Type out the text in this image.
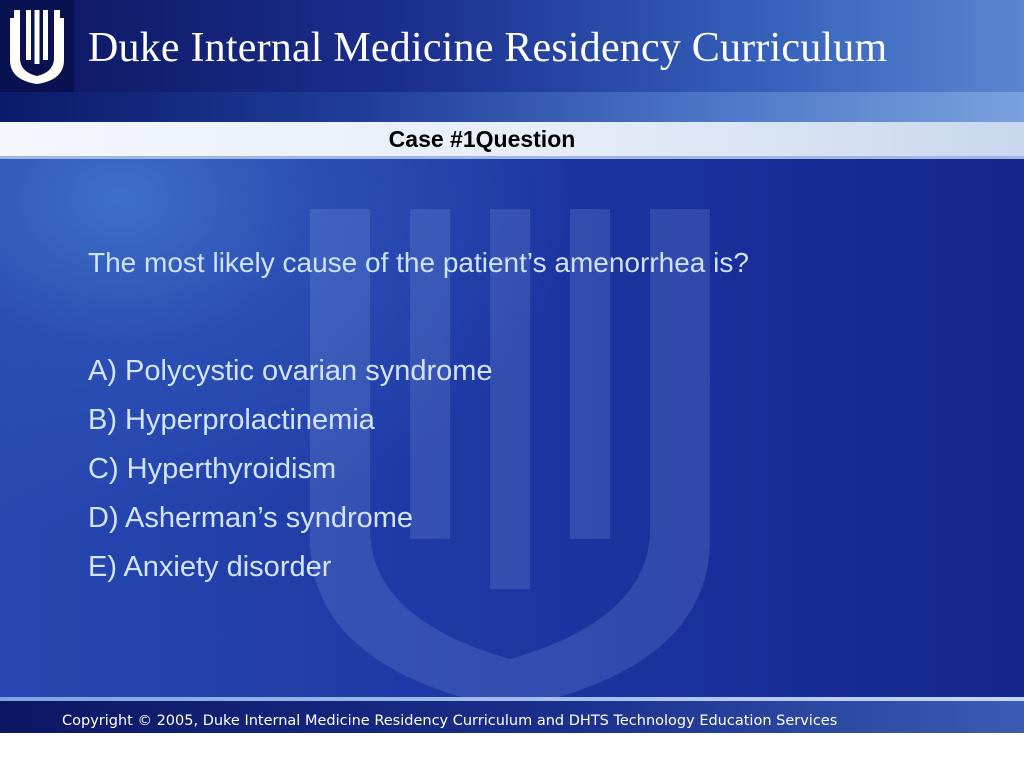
Duke Internal Medicine Residency Curriculum
Case #1Question
The most likely cause of the patient’s amenorrhea is?
A) Polycystic ovarian syndrome
B) Hyperprolactinemia
C) Hyperthyroidism
D) Asherman’s syndrome
E) Anxiety disorder
Copyright © 2005, Duke Internal Medicine Residency Curriculum and DHTS Technology Education Services
